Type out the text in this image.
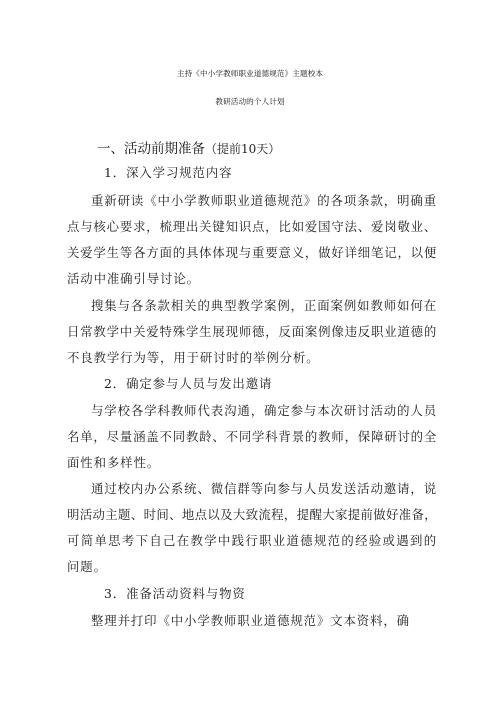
主持《中小学教师职业道德规范》主题校本
教研活动的个人计划
一、活动前期准备（提前10天）
1．深入学习规范内容
重新研读《中小学教师职业道德规范》的各项条款，明确重
点与核心要求，梳理出关键知识点，比如爱国守法、爱岗敬业、
关爱学生等各方面的具体体现与重要意义，做好详细笔记，以便
活动中准确引导讨论。
搜集与各条款相关的典型教学案例，正面案例如教师如何在
日常教学中关爱特殊学生展现师德，反面案例像违反职业道德的
不良教学行为等，用于研讨时的举例分析。
2．确定参与人员与发出邀请
与学校各学科教师代表沟通，确定参与本次研讨活动的人员
名单，尽量涵盖不同教龄、不同学科背景的教师，保障研讨的全
面性和多样性。
通过校内办公系统、微信群等向参与人员发送活动邀请，说
明活动主题、时间、地点以及大致流程，提醒大家提前做好准备，
可简单思考下自己在教学中践行职业道德规范的经验或遇到的
问题。
3．准备活动资料与物资
整理并打印《中小学教师职业道德规范》文本资料，确
